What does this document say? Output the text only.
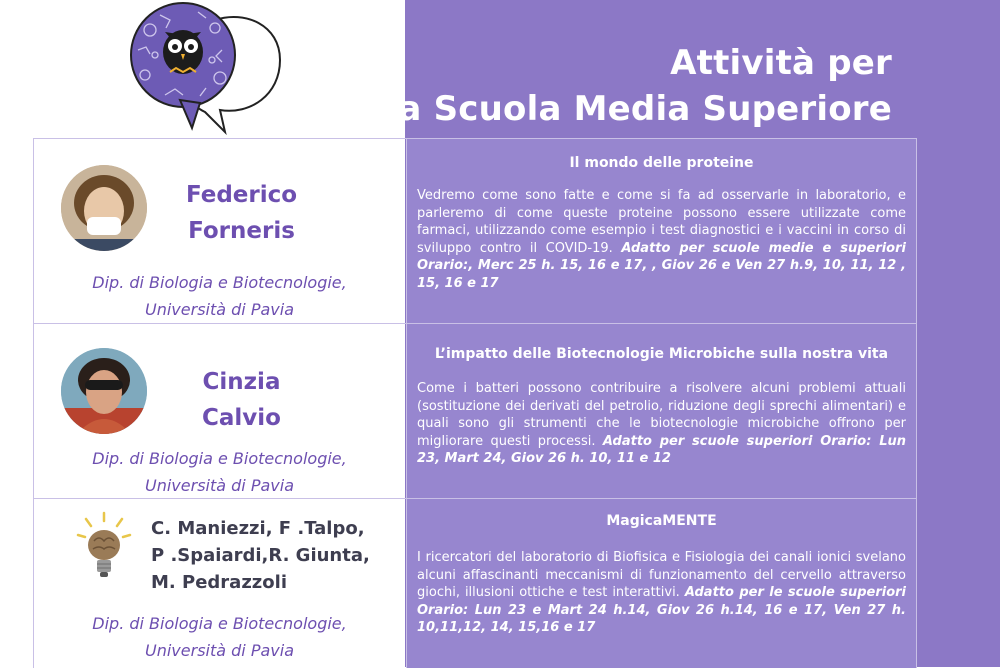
Attività per
la Scuola Media Superiore
Federico
Forneris
Dip. di Biologia e Biotecnologie,
Università di Pavia
Il mondo delle proteine
Vedremo come sono fatte e come si fa ad osservarle in laboratorio, e parleremo di come queste proteine possono essere utilizzate come farmaci, utilizzando come esempio i test diagnostici e i vaccini in corso di sviluppo contro il COVID-19. Adatto per scuole medie e superiori Orario:, Merc 25 h. 15, 16 e 17, , Giov 26 e Ven 27 h.9, 10, 11, 12 , 15, 16 e 17
Cinzia
Calvio
Dip. di Biologia e Biotecnologie,
Università di Pavia
L’impatto delle Biotecnologie Microbiche sulla nostra vita
Come i batteri possono contribuire a risolvere alcuni problemi attuali (sostituzione dei derivati del petrolio, riduzione degli sprechi alimentari) e quali sono gli strumenti che le biotecnologie microbiche offrono per migliorare questi processi. Adatto per scuole superiori Orario: Lun 23, Mart 24, Giov 26 h. 10, 11 e 12
C. Maniezzi, F .Talpo,
P .Spaiardi,R. Giunta,
M. Pedrazzoli
Dip. di Biologia e Biotecnologie,
Università di Pavia
MagicaMENTE
I ricercatori del laboratorio di Biofisica e Fisiologia dei canali ionici svelano alcuni affascinanti meccanismi di funzionamento del cervello attraverso giochi, illusioni ottiche e test interattivi. Adatto per le scuole superiori Orario: Lun 23 e Mart 24 h.14, Giov 26 h.14, 16 e 17, Ven 27 h. 10,11,12, 14, 15,16 e 17
